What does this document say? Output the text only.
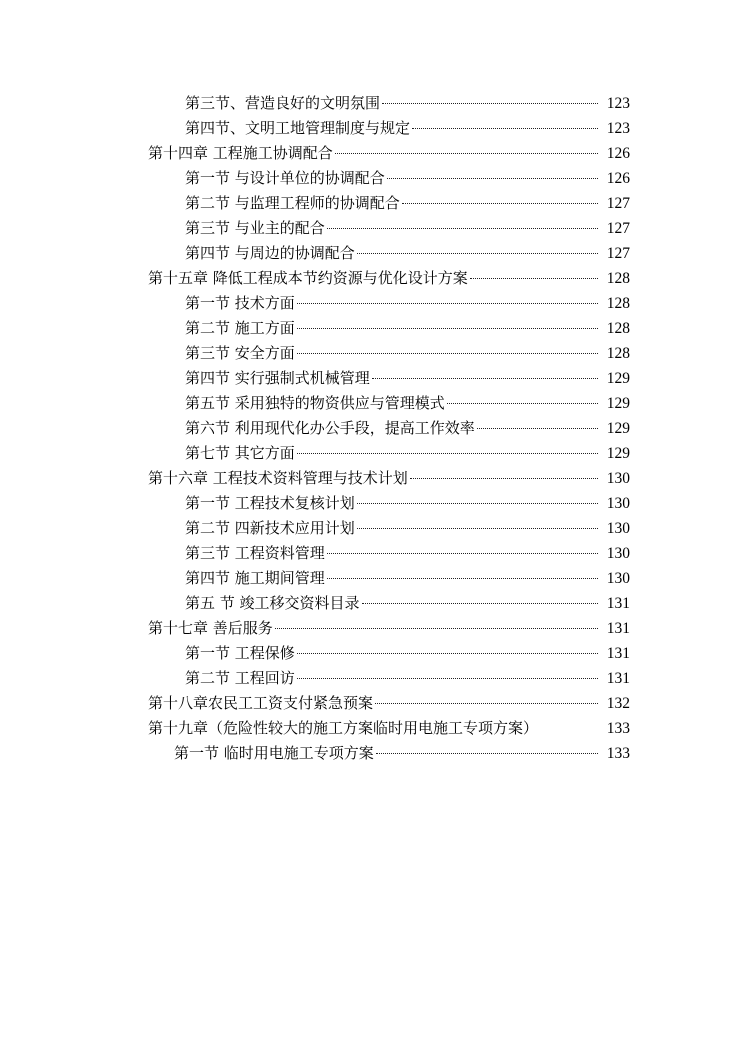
第三节、营造良好的文明氛围	123
第四节、文明工地管理制度与规定	123
第十四章 工程施工协调配合	126
第一节 与设计单位的协调配合	126
第二节 与监理工程师的协调配合	127
第三节 与业主的配合	127
第四节 与周边的协调配合	127
第十五章 降低工程成本节约资源与优化设计方案	128
第一节 技术方面	128
第二节 施工方面	128
第三节 安全方面	128
第四节 实行强制式机械管理	129
第五节 采用独特的物资供应与管理模式	129
第六节 利用现代化办公手段，提高工作效率	129
第七节 其它方面	129
第十六章 工程技术资料管理与技术计划	130
第一节 工程技术复核计划	130
第二节 四新技术应用计划	130
第三节 工程资料管理	130
第四节 施工期间管理	130
第五 节 竣工移交资料目录	131
第十七章 善后服务	131
第一节 工程保修	131
第二节 工程回访	131
第十八章农民工工资支付紧急预案	132
第十九章（危险性较大的施工方案临时用电施工专项方案）	133
第一节 临时用电施工专项方案	133
